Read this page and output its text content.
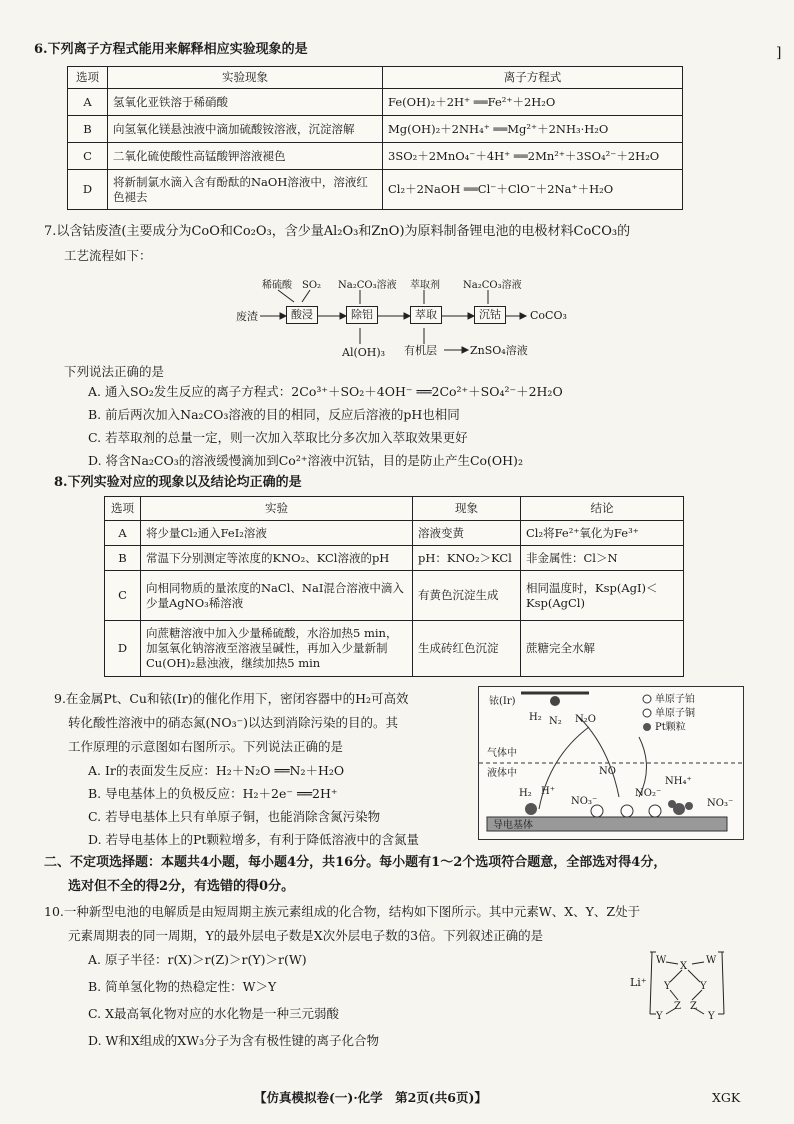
]
6.下列离子方程式能用来解释相应实验现象的是
选项	实验现象	离子方程式
A	氢氧化亚铁溶于稀硝酸	Fe(OH)₂＋2H⁺ ══Fe²⁺＋2H₂O
B	向氢氧化镁悬浊液中滴加硫酸铵溶液，沉淀溶解	Mg(OH)₂＋2NH₄⁺ ══Mg²⁺＋2NH₃·H₂O
C	二氧化硫使酸性高锰酸钾溶液褪色	3SO₂＋2MnO₄⁻＋4H⁺ ══2Mn²⁺＋3SO₄²⁻＋2H₂O
D	将新制氯水滴入含有酚酞的NaOH溶液中，溶液红色褪去	Cl₂＋2NaOH ══Cl⁻＋ClO⁻＋2Na⁺＋H₂O
7.以含钴废渣(主要成分为CoO和Co₂O₃，含少量Al₂O₃和ZnO)为原料制备锂电池的电极材料CoCO₃的
工艺流程如下：
稀硫酸 SO₂ Na₂CO₃溶液 萃取剂 Na₂CO₃溶液
废渣	酸浸	除铝	萃取	沉钴	CoCO₃
Al(OH)₃ 有机层	ZnSO₄溶液
下列说法正确的是
A. 通入SO₂发生反应的离子方程式：2Co³⁺＋SO₂＋4OH⁻ ══2Co²⁺＋SO₄²⁻＋2H₂O
B. 前后两次加入Na₂CO₃溶液的目的相同，反应后溶液的pH也相同
C. 若萃取剂的总量一定，则一次加入萃取比分多次加入萃取效果更好
D. 将含Na₂CO₃的溶液缓慢滴加到Co²⁺溶液中沉钴，目的是防止产生Co(OH)₂
8.下列实验对应的现象以及结论均正确的是
选项	实验	现象	结论
A	将少量Cl₂通入FeI₂溶液	溶液变黄	Cl₂将Fe²⁺氧化为Fe³⁺
B	常温下分别测定等浓度的KNO₂、KCl溶液的pH	pH：KNO₂＞KCl	非金属性：Cl＞N
C	向相同物质的量浓度的NaCl、NaI混合溶液中滴入少量AgNO₃稀溶液	有黄色沉淀生成	相同温度时，Ksp(AgI)＜Ksp(AgCl)
D	向蔗糖溶液中加入少量稀硫酸，水浴加热5 min，加氢氧化钠溶液至溶液呈碱性，再加入少量新制Cu(OH)₂悬浊液，继续加热5 min	生成砖红色沉淀	蔗糖完全水解
9.在金属Pt、Cu和铱(Ir)的催化作用下，密闭容器中的H₂可高效
转化酸性溶液中的硝态氮(NO₃⁻)以达到消除污染的目的。其
工作原理的示意图如右图所示。下列说法正确的是
A. Ir的表面发生反应：H₂＋N₂O ══N₂＋H₂O
B. 导电基体上的负极反应：H₂＋2e⁻ ══2H⁺
C. 若导电基体上只有单原子铜，也能消除含氮污染物
D. 若导电基体上的Pt颗粒增多，有利于降低溶液中的含氮量
铱(Ir)
H₂ N₂ N₂O
单原子铂
单原子铜
Pt颗粒
气体中
液体中	NO
NH₄⁺
H₂ H⁺
NO₃⁻
NO₂⁻
NO₃⁻
导电基体
二、不定项选择题：本题共4小题，每小题4分，共16分。每小题有1～2个选项符合题意，全部选对得4分，
选对但不全的得2分，有选错的得0分。
10.一种新型电池的电解质是由短周期主族元素组成的化合物，结构如下图所示。其中元素W、X、Y、Z处于
元素周期表的同一周期，Y的最外层电子数是X次外层电子数的3倍。下列叙述正确的是
A. 原子半径：r(X)＞r(Z)＞r(Y)＞r(W)
B. 简单氢化物的热稳定性：W＞Y
C. X最高氧化物对应的水化物是一种三元弱酸
D. W和X组成的XW₃分子为含有极性键的离子化合物
Li⁺
W
X
W
Y	Y
Z Z
Y	Y
【仿真模拟卷(一)·化学　第2页(共6页)】	XGK
